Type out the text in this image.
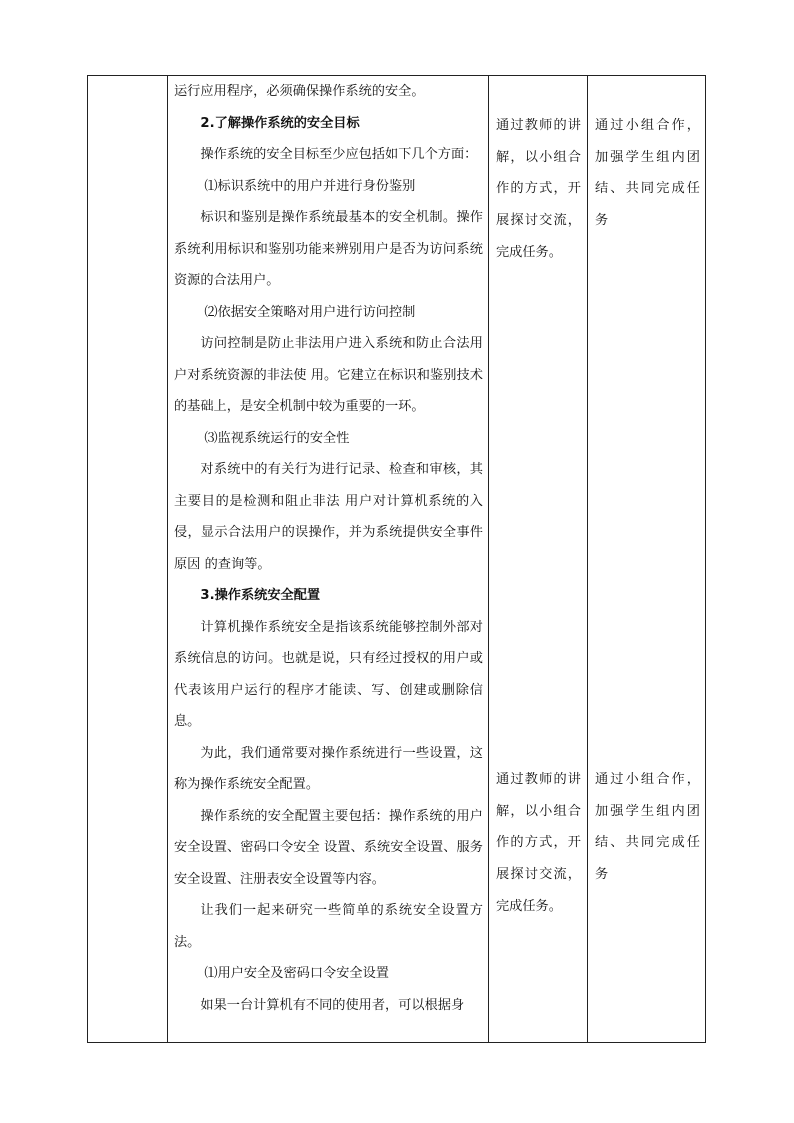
运行应用程序，必须确保操作系统的安全。

2.了解操作系统的安全目标

操作系统的安全目标至少应包括如下几个方面：

⑴标识系统中的用户并进行身份鉴别

标识和鉴别是操作系统最基本的安全机制。操作系统利用标识和鉴别功能来辨别用户是否为访问系统资源的合法用户。

⑵依据安全策略对用户进行访问控制

访问控制是防止非法用户进入系统和防止合法用户对系统资源的非法使 用。它建立在标识和鉴别技术的基础上，是安全机制中较为重要的一环。

⑶监视系统运行的安全性

对系统中的有关行为进行记录、检查和审核，其主要目的是检测和阻止非法 用户对计算机系统的入侵，显示合法用户的误操作，并为系统提供安全事件原因 的查询等。

3.操作系统安全配置

计算机操作系统安全是指该系统能够控制外部对系统信息的访问。也就是说，只有经过授权的用户或代表该用户运行的程序才能读、写、创建或删除信息。

为此，我们通常要对操作系统进行一些设置，这称为操作系统安全配置。

操作系统的安全配置主要包括：操作系统的用户安全设置、密码口令安全 设置、系统安全设置、服务安全设置、注册表安全设置等内容。

让我们一起来研究一些简单的系统安全设置方法。

⑴用户安全及密码口令安全设置

如果一台计算机有不同的使用者，可以根据身

通过教师的讲解，以小组合作的方式，开展探讨交流，完成任务。

通过小组合作，加强学生组内团结、共同完成任务

通过教师的讲解，以小组合作的方式，开展探讨交流，完成任务。

通过小组合作，加强学生组内团结、共同完成任务
